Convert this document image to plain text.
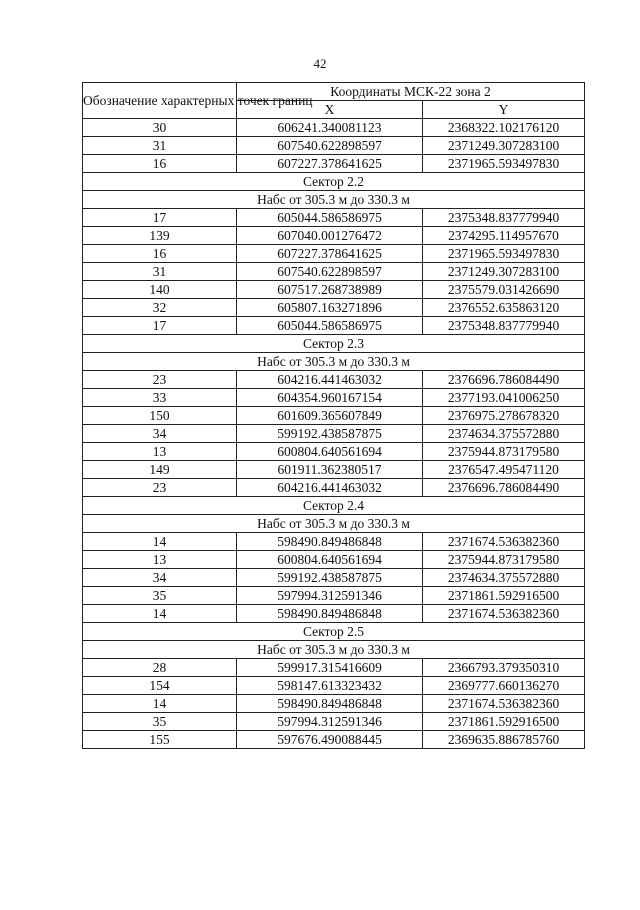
42
Обозначение характерных точек границ	Координаты МСК-22 зона 2	
	X	Y
30	606241.340081123	2368322.102176120
31	607540.622898597	2371249.307283100
16	607227.378641625	2371965.593497830
Сектор 2.2		
Набс от 305.3 м до 330.3 м		
17	605044.586586975	2375348.837779940
139	607040.001276472	2374295.114957670
16	607227.378641625	2371965.593497830
31	607540.622898597	2371249.307283100
140	607517.268738989	2375579.031426690
32	605807.163271896	2376552.635863120
17	605044.586586975	2375348.837779940
Сектор 2.3		
Набс от 305.3 м до 330.3 м		
23	604216.441463032	2376696.786084490
33	604354.960167154	2377193.041006250
150	601609.365607849	2376975.278678320
34	599192.438587875	2374634.375572880
13	600804.640561694	2375944.873179580
149	601911.362380517	2376547.495471120
23	604216.441463032	2376696.786084490
Сектор 2.4		
Набс от 305.3 м до 330.3 м		
14	598490.849486848	2371674.536382360
13	600804.640561694	2375944.873179580
34	599192.438587875	2374634.375572880
35	597994.312591346	2371861.592916500
14	598490.849486848	2371674.536382360
Сектор 2.5		
Набс от 305.3 м до 330.3 м		
28	599917.315416609	2366793.379350310
154	598147.613323432	2369777.660136270
14	598490.849486848	2371674.536382360
35	597994.312591346	2371861.592916500
155	597676.490088445	2369635.886785760
